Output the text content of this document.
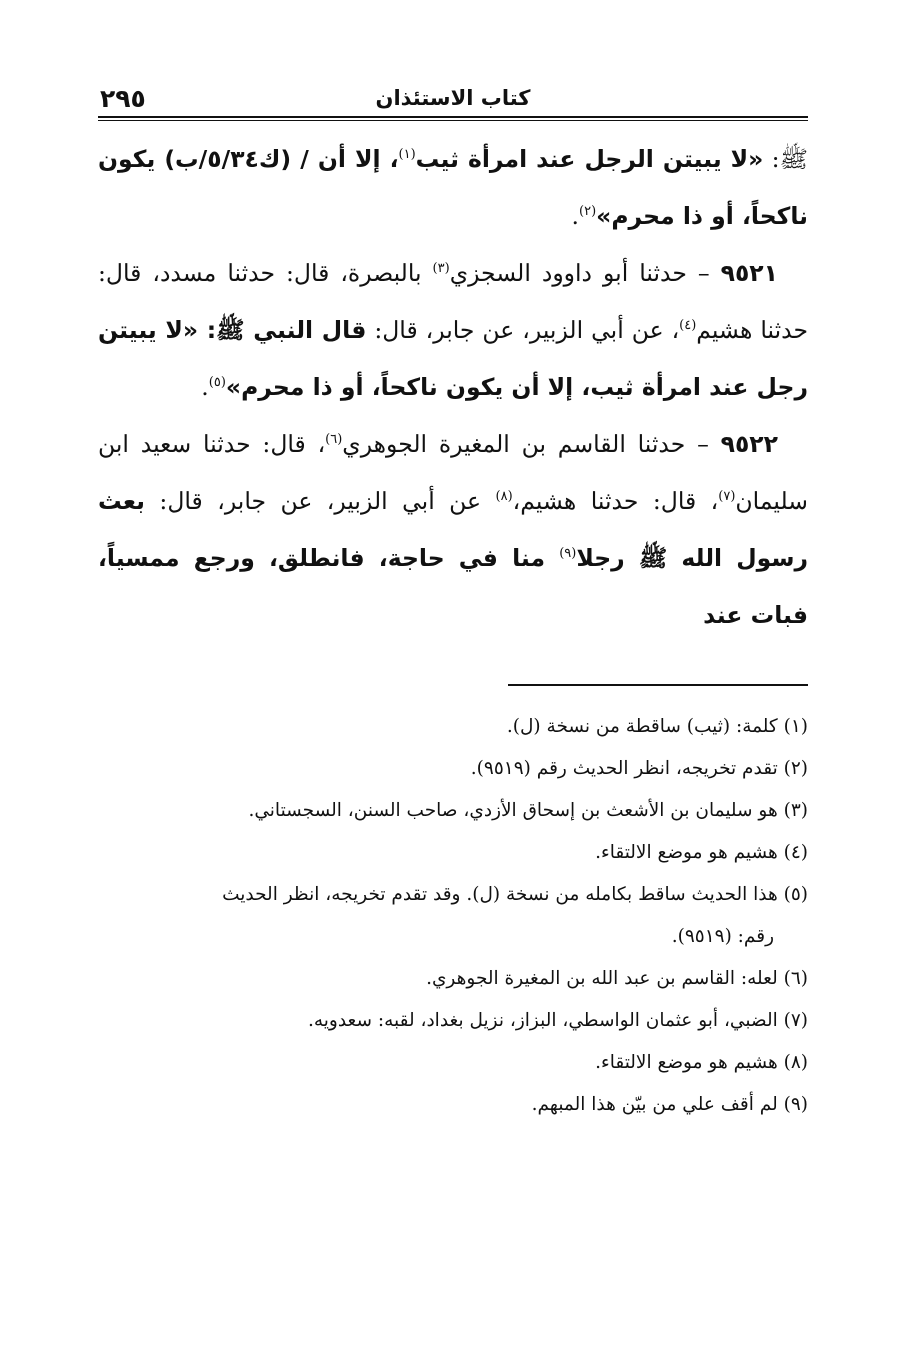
كتاب الاستئذان
٢٩٥

ﷺ: «لا يبيتن الرجل عند امرأة ثيب$^{(١)}$، إلا أن / (ك٥/٣٤/ب) يكون ناكحاً، أو ذا محرم»$^{(٢)}$.

٩٥٢١ – حدثنا أبو داوود السجزي$^{(٣)}$ بالبصرة، قال: حدثنا مسدد، قال: حدثنا هشيم$^{(٤)}$، عن أبي الزبير، عن جابر، قال: قال النبي ﷺ: «لا يبيتن رجل عند امرأة ثيب، إلا أن يكون ناكحاً، أو ذا محرم»$^{(٥)}$.

٩٥٢٢ – حدثنا القاسم بن المغيرة الجوهري$^{(٦)}$، قال: حدثنا سعيد ابن سليمان$^{(٧)}$، قال: حدثنا هشيم،$^{(٨)}$ عن أبي الزبير، عن جابر، قال: بعث رسول الله ﷺ رجلا$^{(٩)}$ منا في حاجة، فانطلق، ورجع ممسياً، فبات عند

(١) كلمة: (ثيب) ساقطة من نسخة (ل).

(٢) تقدم تخريجه، انظر الحديث رقم (٩٥١٩).

(٣) هو سليمان بن الأشعث بن إسحاق الأزدي، صاحب السنن، السجستاني.

(٤) هشيم هو موضع الالتقاء.

(٥) هذا الحديث ساقط بكامله من نسخة (ل). وقد تقدم تخريجه، انظر الحديث
رقم: (٩٥١٩).

(٦) لعله: القاسم بن عبد الله بن المغيرة الجوهري.

(٧) الضبي، أبو عثمان الواسطي، البزاز، نزيل بغداد، لقبه: سعدويه.

(٨) هشيم هو موضع الالتقاء.

(٩) لم أقف علي من بيّن هذا المبهم.
